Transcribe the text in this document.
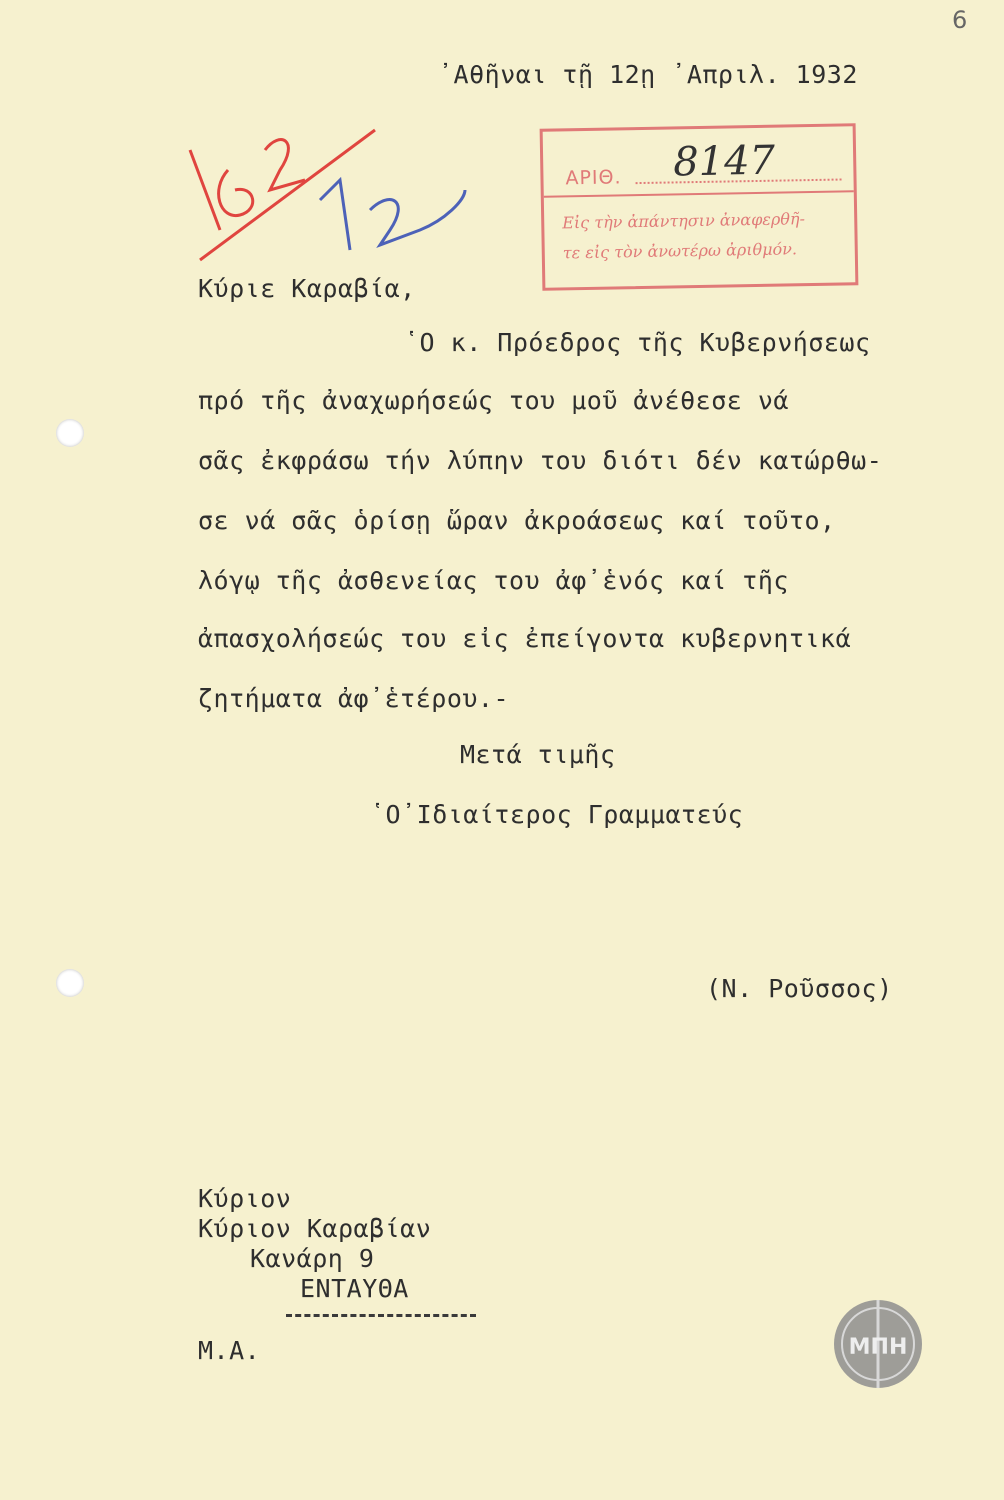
6
᾿Αθῆναι τῇ 12ῃ ᾿Απριλ. 1932
ΑΡΙΘ. 8147
Εἰς τὴν ἀπάντησιν ἀναφερθῆ-
τε εἰς τὸν ἀνωτέρω ἀριθμόν.
Κύριε Καραβία,
῾Ο κ. Πρόεδρος τῆς Κυβερνήσεως
πρό τῆς ἀναχωρήσεώς του μοῦ ἀνέθεσε νά
σᾶς ἐκφράσω τήν λύπην του διότι δέν κατώρθω-
σε νά σᾶς ὁρίσῃ ὥραν ἀκροάσεως καί τοῦτο,
λόγῳ τῆς ἀσθενείας του ἀφ᾿ἑνός καί τῆς
ἀπασχολήσεώς του εἰς ἐπείγοντα κυβερνητικά
ζητήματα ἀφ᾿ἑτέρου.-
Μετά τιμῆς
῾Ο᾿Ιδιαίτερος Γραμματεύς
(Ν. Ροῦσσος)
Κύριον
Κύριον Καραβίαν
Κανάρη 9
ΕΝΤΑΥΘΑ
Μ.Α.	ΜΠΗ
